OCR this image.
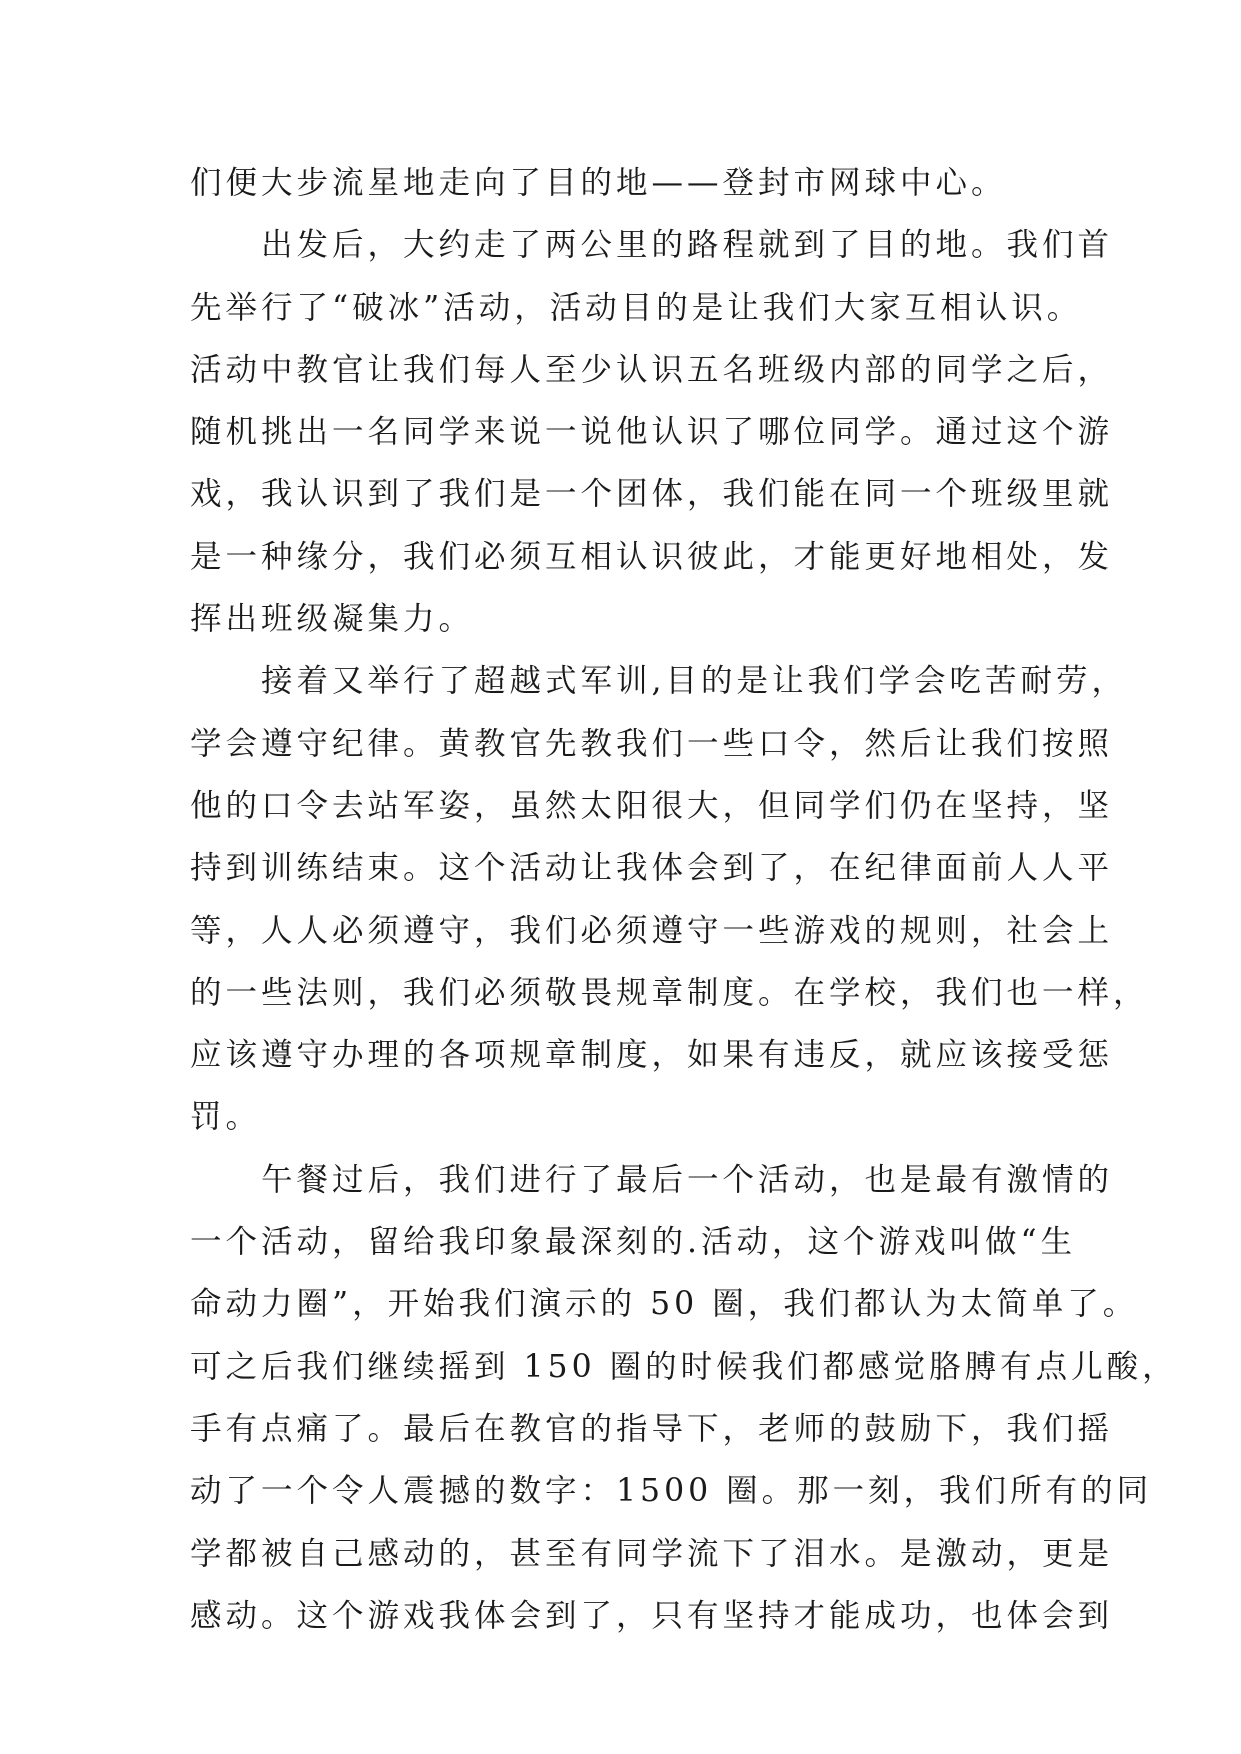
们便大步流星地走向了目的地——登封市网球中心。
　　出发后，大约走了两公里的路程就到了目的地。我们首
先举行了“破冰”活动，活动目的是让我们大家互相认识。
活动中教官让我们每人至少认识五名班级内部的同学之后，
随机挑出一名同学来说一说他认识了哪位同学。通过这个游
戏，我认识到了我们是一个团体，我们能在同一个班级里就
是一种缘分，我们必须互相认识彼此，才能更好地相处，发
挥出班级凝集力。
　　接着又举行了超越式军训,目的是让我们学会吃苦耐劳，
学会遵守纪律。黄教官先教我们一些口令，然后让我们按照
他的口令去站军姿，虽然太阳很大，但同学们仍在坚持，坚
持到训练结束。这个活动让我体会到了，在纪律面前人人平
等，人人必须遵守，我们必须遵守一些游戏的规则，社会上
的一些法则，我们必须敬畏规章制度。在学校，我们也一样，
应该遵守办理的各项规章制度，如果有违反，就应该接受惩
罚。
　　午餐过后，我们进行了最后一个活动，也是最有激情的
一个活动，留给我印象最深刻的.活动，这个游戏叫做“生
命动力圈”，开始我们演示的 50 圈，我们都认为太简单了。
可之后我们继续摇到 150 圈的时候我们都感觉胳膊有点儿酸，
手有点痛了。最后在教官的指导下，老师的鼓励下，我们摇
动了一个令人震撼的数字：1500 圈。那一刻，我们所有的同
学都被自己感动的，甚至有同学流下了泪水。是激动，更是
感动。这个游戏我体会到了，只有坚持才能成功，也体会到
